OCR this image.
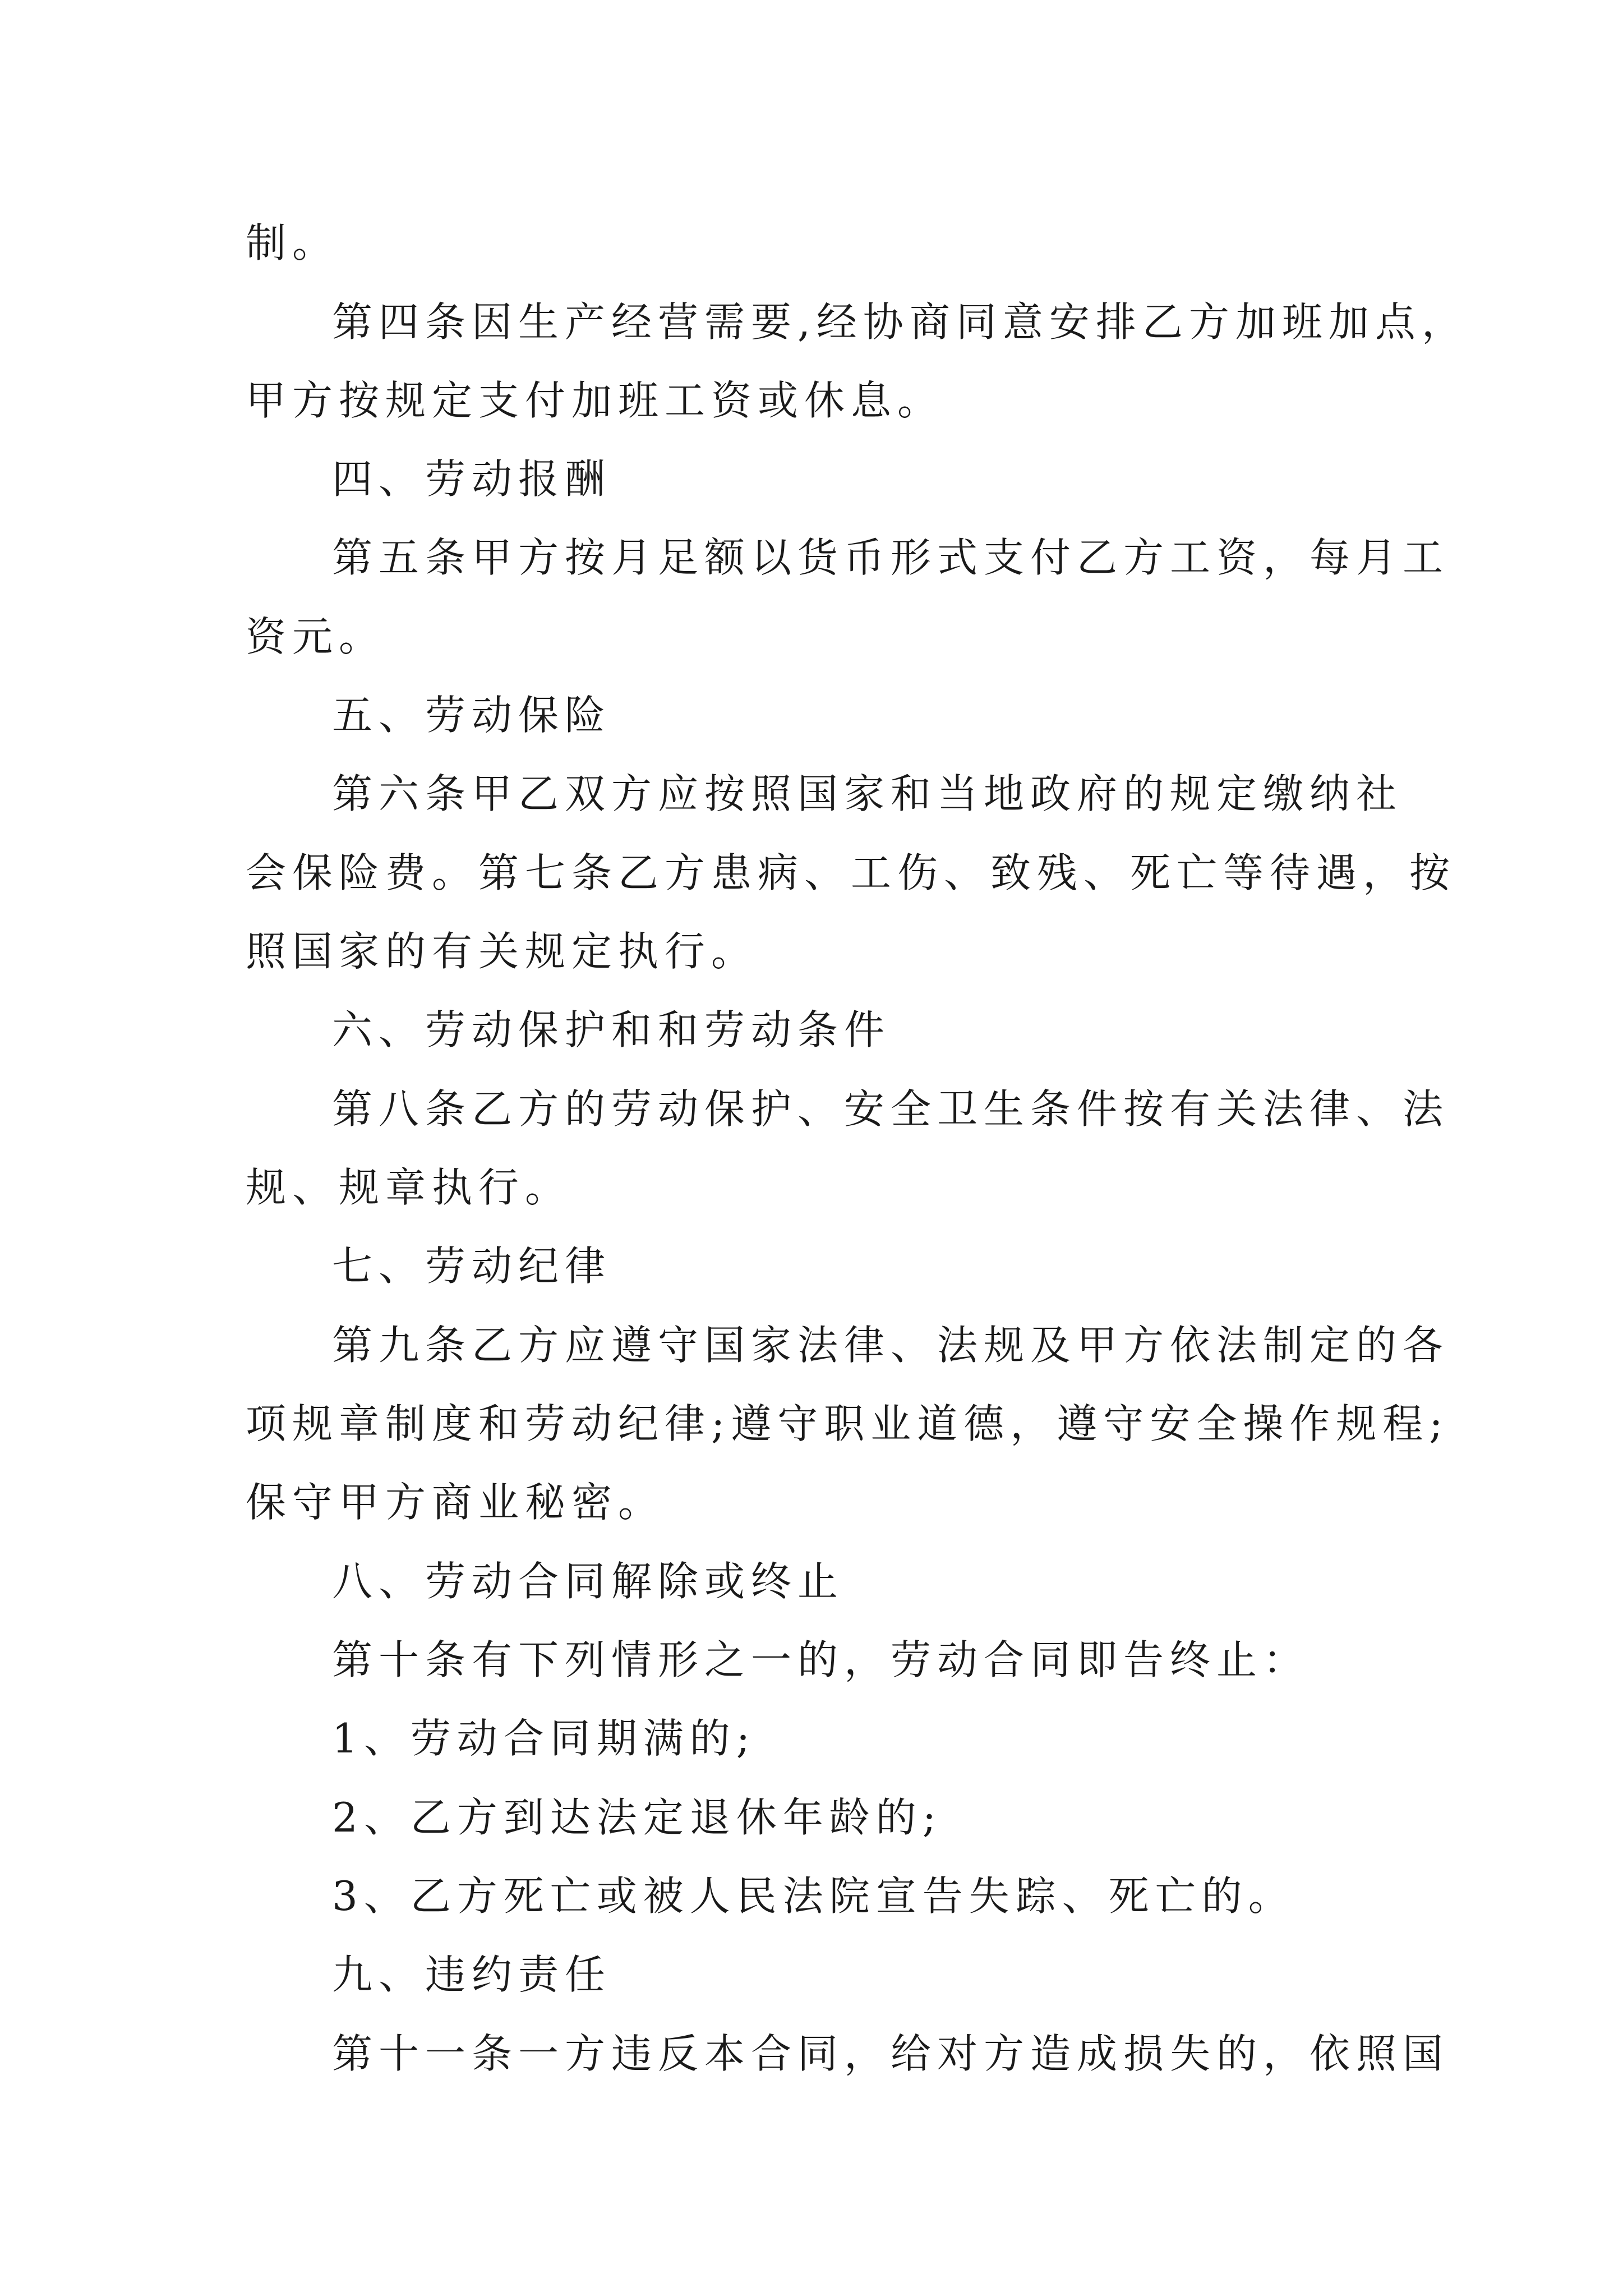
制。
第四条因生产经营需要,经协商同意安排乙方加班加点，
甲方按规定支付加班工资或休息。
四、劳动报酬
第五条甲方按月足额以货币形式支付乙方工资，每月工
资元。
五、劳动保险
第六条甲乙双方应按照国家和当地政府的规定缴纳社
会保险费。第七条乙方患病、工伤、致残、死亡等待遇，按
照国家的有关规定执行。
六、劳动保护和和劳动条件
第八条乙方的劳动保护、安全卫生条件按有关法律、法
规、规章执行。
七、劳动纪律
第九条乙方应遵守国家法律、法规及甲方依法制定的各
项规章制度和劳动纪律;遵守职业道德，遵守安全操作规程;
保守甲方商业秘密。
八、劳动合同解除或终止
第十条有下列情形之一的，劳动合同即告终止：
1、劳动合同期满的;
2、乙方到达法定退休年龄的;
3、乙方死亡或被人民法院宣告失踪、死亡的。
九、违约责任
第十一条一方违反本合同，给对方造成损失的，依照国
